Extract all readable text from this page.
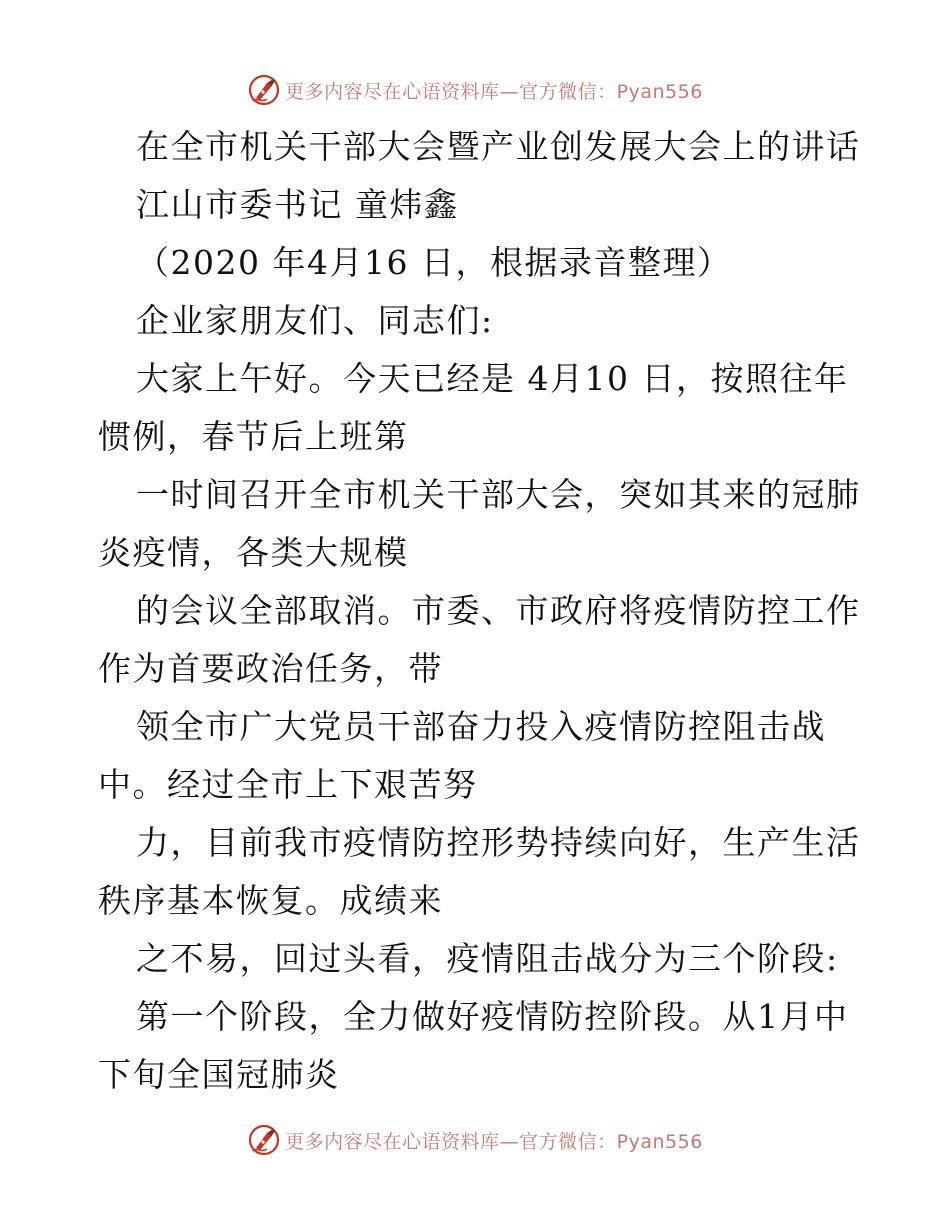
更多内容尽在心语资料库—官方微信：Pyan556
在全市机关干部大会暨产业创发展大会上的讲话
江山市委书记 童炜鑫
（2020 年4月16 日，根据录音整理）
企业家朋友们、同志们:
大家上午好。今天已经是 4月10 日，按照往年
惯例，春节后上班第
一时间召开全市机关干部大会，突如其来的冠肺
炎疫情，各类大规模
的会议全部取消。市委、市政府将疫情防控工作
作为首要政治任务，带
领全市广大党员干部奋力投入疫情防控阻击战
中。经过全市上下艰苦努
力，目前我市疫情防控形势持续向好，生产生活
秩序基本恢复。成绩来
之不易，回过头看，疫情阻击战分为三个阶段:
第一个阶段，全力做好疫情防控阶段。从1月中
下旬全国冠肺炎
更多内容尽在心语资料库—官方微信：Pyan556
